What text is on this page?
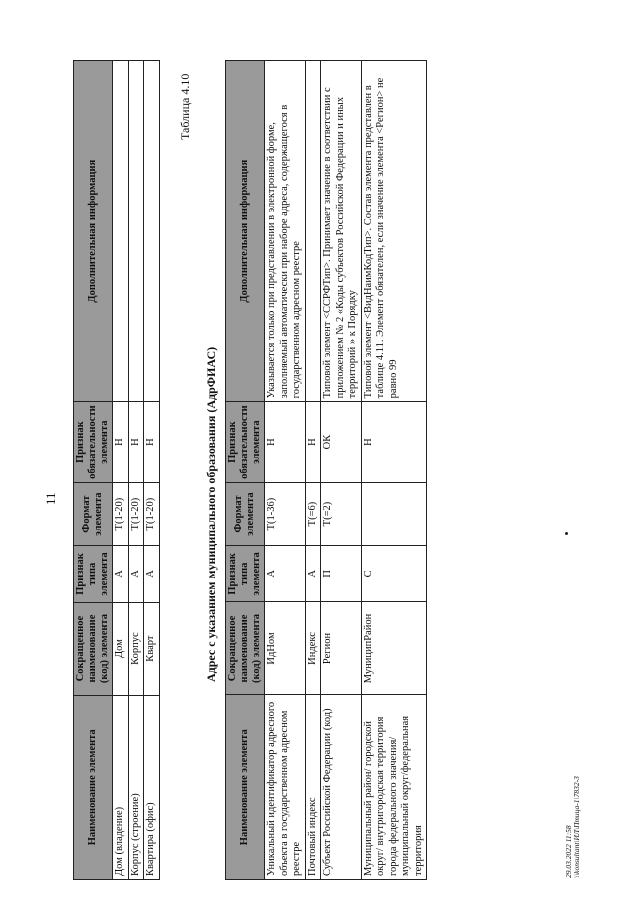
11
Наименование элемента	Сокращенное наименование (код) элемента	Признак типа элемента	Формат элемента	Признак обязательности элемента	Дополнительная информация
Дом (владение)	Дом	А	T(1-20)	Н	
Корпус (строение)	Корпус	А	T(1-20)	Н	
Квартира (офис)	Кварт	А	T(1-20)	Н	
Таблица 4.10
Адрес с указанием муниципального образования (АдрФИАС)
Наименование элемента	Сокращенное наименование (код) элемента	Признак типа элемента	Формат элемента	Признак обязательности элемента	Дополнительная информация
Уникальный идентификатор адресного объекта в государственном адресном реестре	ИдНом	А	T(1-36)	Н	Указывается только при представлении в электронной форме, заполняемый автоматически при наборе адреса, содержащегося в государственном адресном реестре
Почтовый индекс	Индекс	А	T(=6)	Н	
Субъект Российской Федерации (код)	Регион	П	T(=2)	ОК	Типовой элемент <ССРФТип>. Принимает значение в соответствии с приложением № 2 «Коды субъектов Российской Федерации и иных территорий » к Порядку
Муниципальный район/ городской округ/ внутригородская территория города федерального значения/муниципальный округ/федеральная территория	МуниципРайон	С		Н	Типовой элемент <ВидНаимКодТип>. Состав элемента представлен в таблице 4.11. Элемент обязателен, если значение элемента <Регион> не равно 99
29.03.2022 11:58 \\konsultant\ИЛ\Птица-1\7832-3
